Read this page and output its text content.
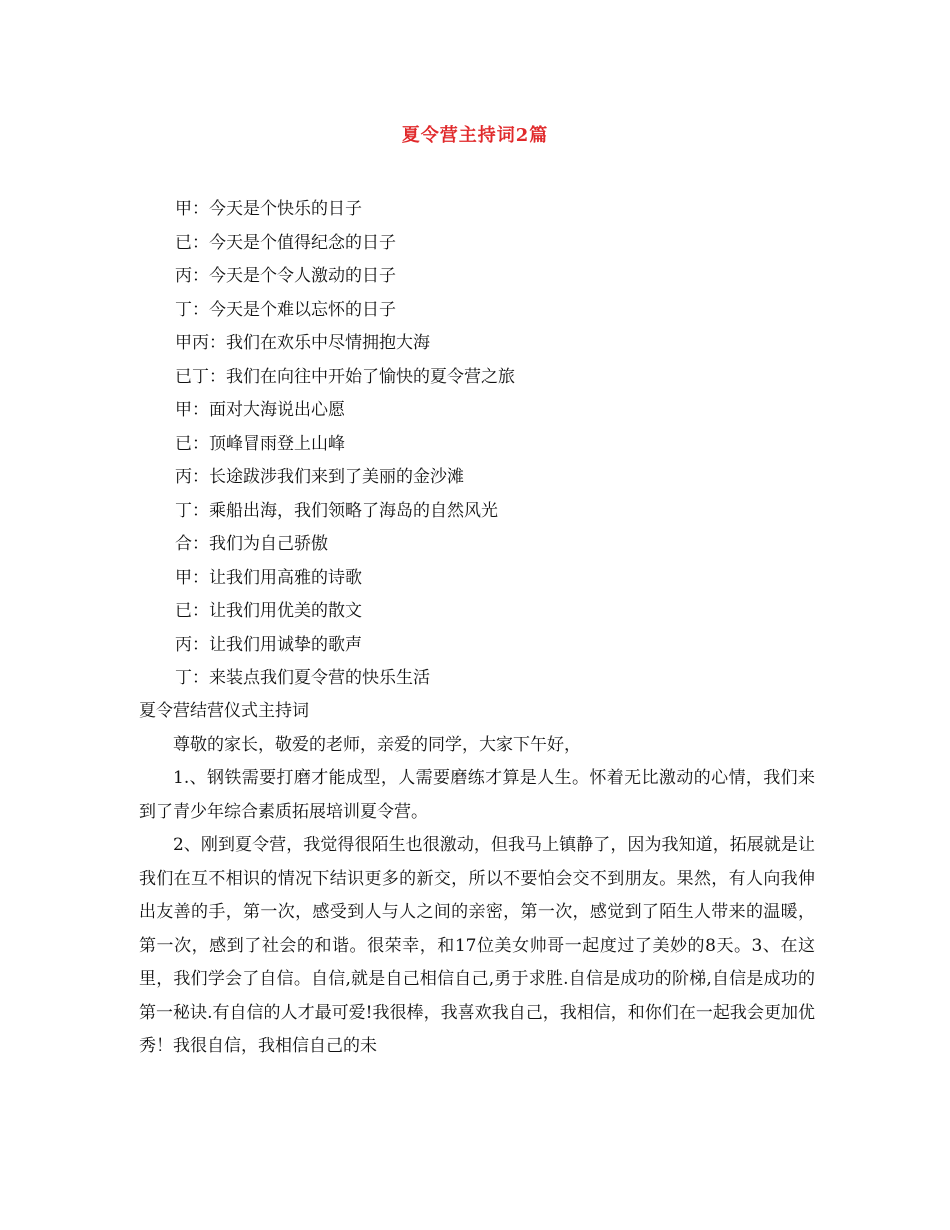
夏令营主持词2篇
甲：今天是个快乐的日子
已：今天是个值得纪念的日子
丙：今天是个令人激动的日子
丁：今天是个难以忘怀的日子
甲丙：我们在欢乐中尽情拥抱大海
已丁：我们在向往中开始了愉快的夏令营之旅
甲：面对大海说出心愿
已：顶峰冒雨登上山峰
丙：长途跋涉我们来到了美丽的金沙滩
丁：乘船出海，我们领略了海岛的自然风光
合：我们为自己骄傲
甲：让我们用高雅的诗歌
已：让我们用优美的散文
丙：让我们用诚挚的歌声
丁：来装点我们夏令营的快乐生活
夏令营结营仪式主持词
尊敬的家长，敬爱的老师，亲爱的同学，大家下午好，
1.、钢铁需要打磨才能成型，人需要磨练才算是人生。怀着无比激动的心情，我们来到了青少年综合素质拓展培训夏令营。
2、刚到夏令营，我觉得很陌生也很激动，但我马上镇静了，因为我知道，拓展就是让我们在互不相识的情况下结识更多的新交，所以不要怕会交不到朋友。果然，有人向我伸出友善的手，第一次，感受到人与人之间的亲密，第一次，感觉到了陌生人带来的温暖，第一次，感到了社会的和谐。很荣幸，和17位美女帅哥一起度过了美妙的8天。3、在这里，我们学会了自信。自信,就是自己相信自己,勇于求胜.自信是成功的阶梯,自信是成功的第一秘诀.有自信的人才最可爱!我很棒，我喜欢我自己，我相信，和你们在一起我会更加优秀！我很自信，我相信自己的未
